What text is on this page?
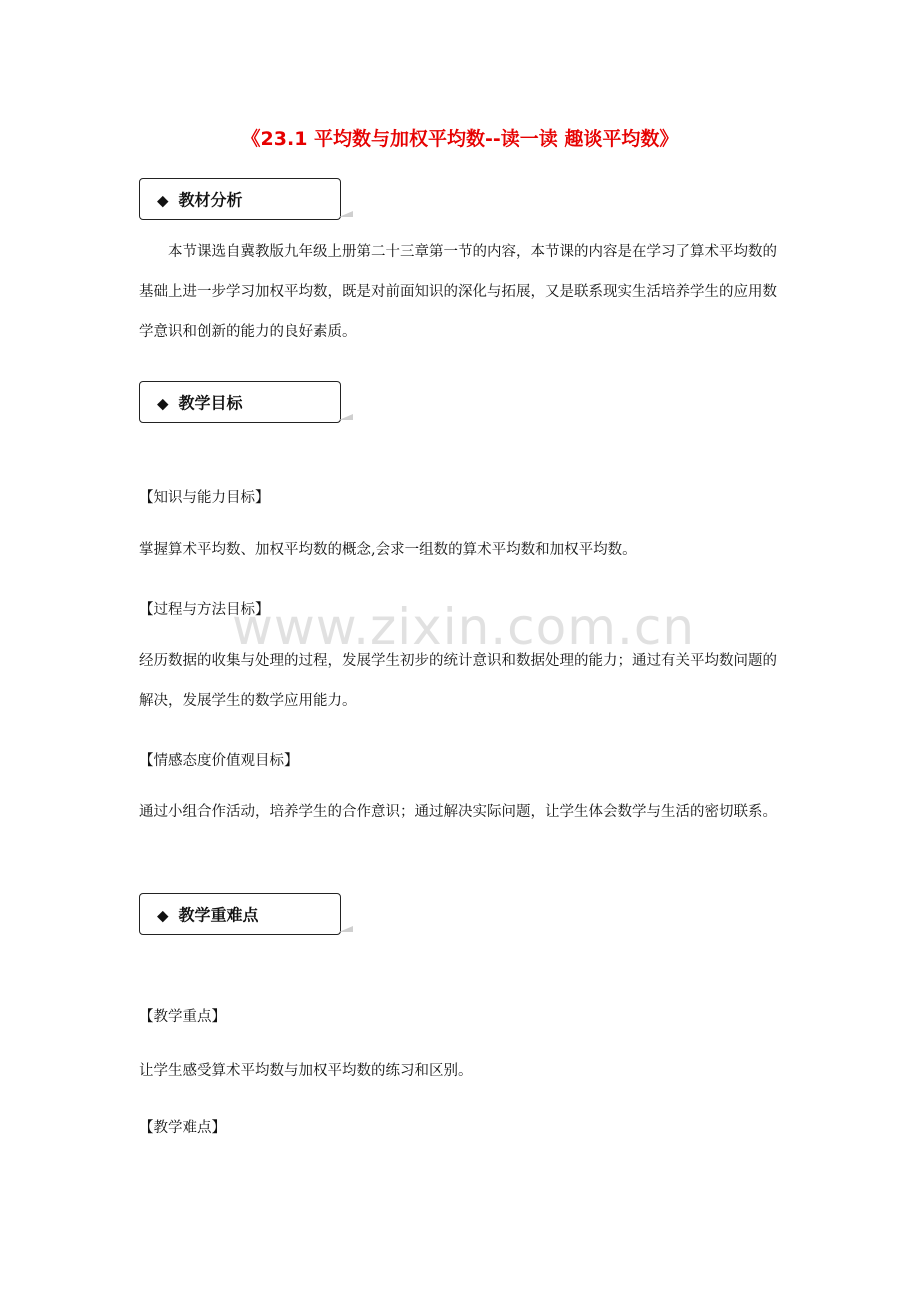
《23.1 平均数与加权平均数--读一读 趣谈平均数》
◆ 教材分析

本节课选自冀教版九年级上册第二十三章第一节的内容，本节课的内容是在学习了算术平均数的基础上进一步学习加权平均数，既是对前面知识的深化与拓展，又是联系现实生活培养学生的应用数学意识和创新的能力的良好素质。

◆ 教学目标

【知识与能力目标】

掌握算术平均数、加权平均数的概念,会求一组数的算术平均数和加权平均数。

【过程与方法目标】

经历数据的收集与处理的过程，发展学生初步的统计意识和数据处理的能力；通过有关平均数问题的解决，发展学生的数学应用能力。

【情感态度价值观目标】

通过小组合作活动，培养学生的合作意识；通过解决实际问题，让学生体会数学与生活的密切联系。

◆ 教学重难点

【教学重点】

让学生感受算术平均数与加权平均数的练习和区别。

【教学难点】

www.zixin.com.cn
